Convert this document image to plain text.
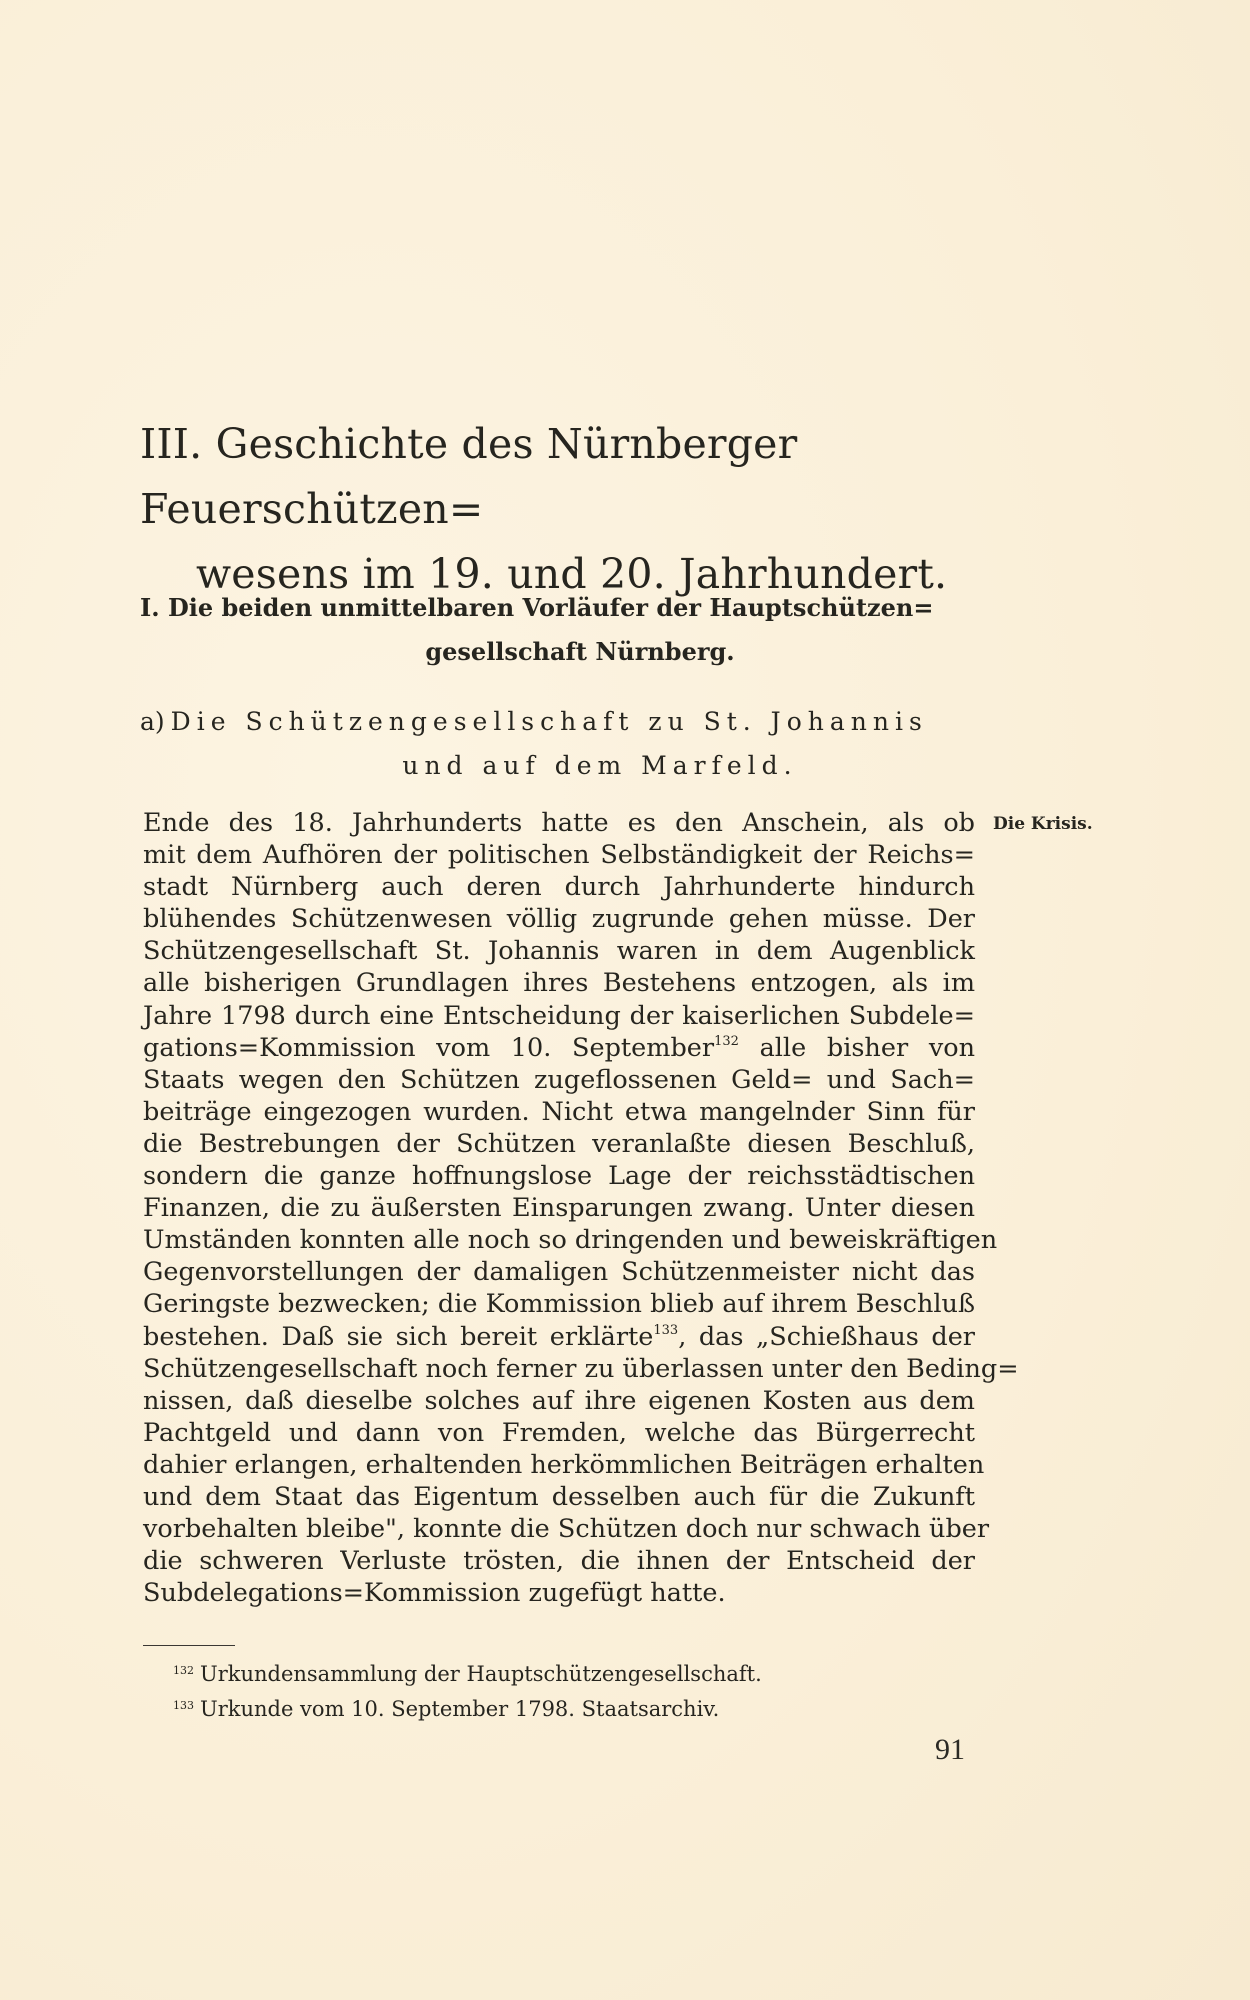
III. Geschichte des Nürnberger Feuerschützen=
wesens im 19. und 20. Jahrhundert.
I. Die beiden unmittelbaren Vorläufer der Hauptschützen=
gesellschaft Nürnberg.
a) Die Schützengesellschaft zu St. Johannis
und auf dem Marfeld.
Die Krisis.
Ende des 18. Jahrhunderts hatte es den Anschein, als ob
mit dem Aufhören der politischen Selbständigkeit der Reichs=
stadt Nürnberg auch deren durch Jahrhunderte hindurch
blühendes Schützenwesen völlig zugrunde gehen müsse. Der
Schützengesellschaft St. Johannis waren in dem Augenblick
alle bisherigen Grundlagen ihres Bestehens entzogen, als im
Jahre 1798 durch eine Entscheidung der kaiserlichen Subdele=
gations=Kommission vom 10. September$^{132}$ alle bisher von
Staats wegen den Schützen zugeflossenen Geld= und Sach=
beiträge eingezogen wurden. Nicht etwa mangelnder Sinn für
die Bestrebungen der Schützen veranlaßte diesen Beschluß,
sondern die ganze hoffnungslose Lage der reichsstädtischen
Finanzen, die zu äußersten Einsparungen zwang. Unter diesen
Umständen konnten alle noch so dringenden und beweiskräftigen
Gegenvorstellungen der damaligen Schützenmeister nicht das
Geringste bezwecken; die Kommission blieb auf ihrem Beschluß
bestehen. Daß sie sich bereit erklärte$^{133}$, das „Schießhaus der
Schützengesellschaft noch ferner zu überlassen unter den Beding=
nissen, daß dieselbe solches auf ihre eigenen Kosten aus dem
Pachtgeld und dann von Fremden, welche das Bürgerrecht
dahier erlangen, erhaltenden herkömmlichen Beiträgen erhalten
und dem Staat das Eigentum desselben auch für die Zukunft
vorbehalten bleibe", konnte die Schützen doch nur schwach über
die schweren Verluste trösten, die ihnen der Entscheid der
Subdelegations=Kommission zugefügt hatte.
$^{132}$ Urkundensammlung der Hauptschützengesellschaft.
$^{133}$ Urkunde vom 10. September 1798. Staatsarchiv.
91
